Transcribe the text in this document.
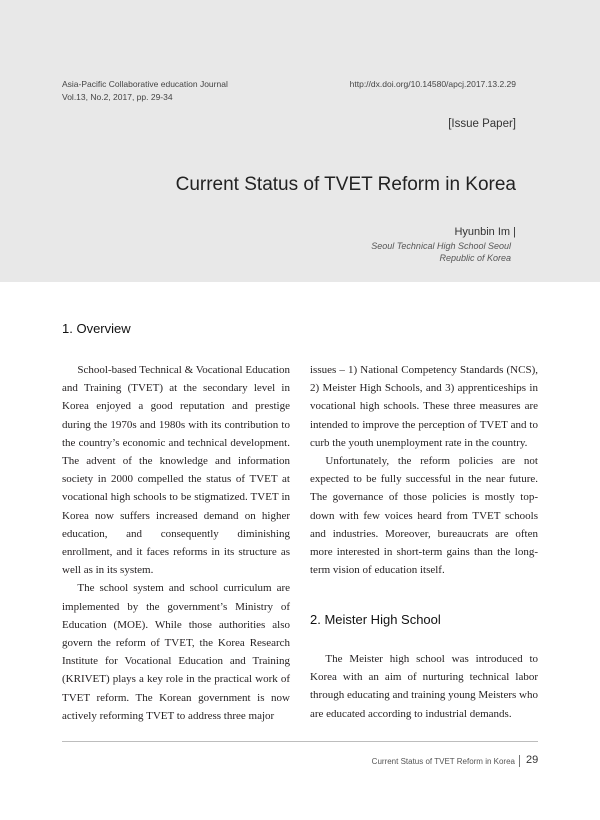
Asia-Pacific Collaborative education Journal
Vol.13, No.2, 2017, pp. 29-34
http://dx.doi.org/10.14580/apcj.2017.13.2.29
[Issue Paper]
Current Status of TVET Reform in Korea
Hyunbin Im |
Seoul Technical High School Seoul
Republic of Korea
1. Overview

School-based Technical & Vocational Education and Training (TVET) at the secondary level in Korea enjoyed a good reputation and prestige during the 1970s and 1980s with its contribution to the country’s economic and technical development. The advent of the knowledge and information society in 2000 compelled the status of TVET at vocational high schools to be stigmatized. TVET in Korea now suffers increased demand on higher education, and consequently diminishing enrollment, and it faces reforms in its structure as well as in its system.

The school system and school curriculum are implemented by the government’s Ministry of Education (MOE). While those authorities also govern the reform of TVET, the Korea Research Institute for Vocational Education and Training (KRIVET) plays a key role in the practical work of TVET reform. The Korean government is now actively reforming TVET to address three major

issues – 1) National Competency Standards (NCS), 2) Meister High Schools, and 3) apprenticeships in vocational high schools. These three measures are intended to improve the perception of TVET and to curb the youth unemployment rate in the country.

Unfortunately, the reform policies are not expected to be fully successful in the near future. The governance of those policies is mostly top-down with few voices heard from TVET schools and industries. Moreover, bureaucrats are often more interested in short-term gains than the long-term vision of education itself.

2. Meister High School

The Meister high school was introduced to Korea with an aim of nurturing technical labor through educating and training young Meisters who are educated according to industrial demands.

Current Status of TVET Reform in Korea 29
